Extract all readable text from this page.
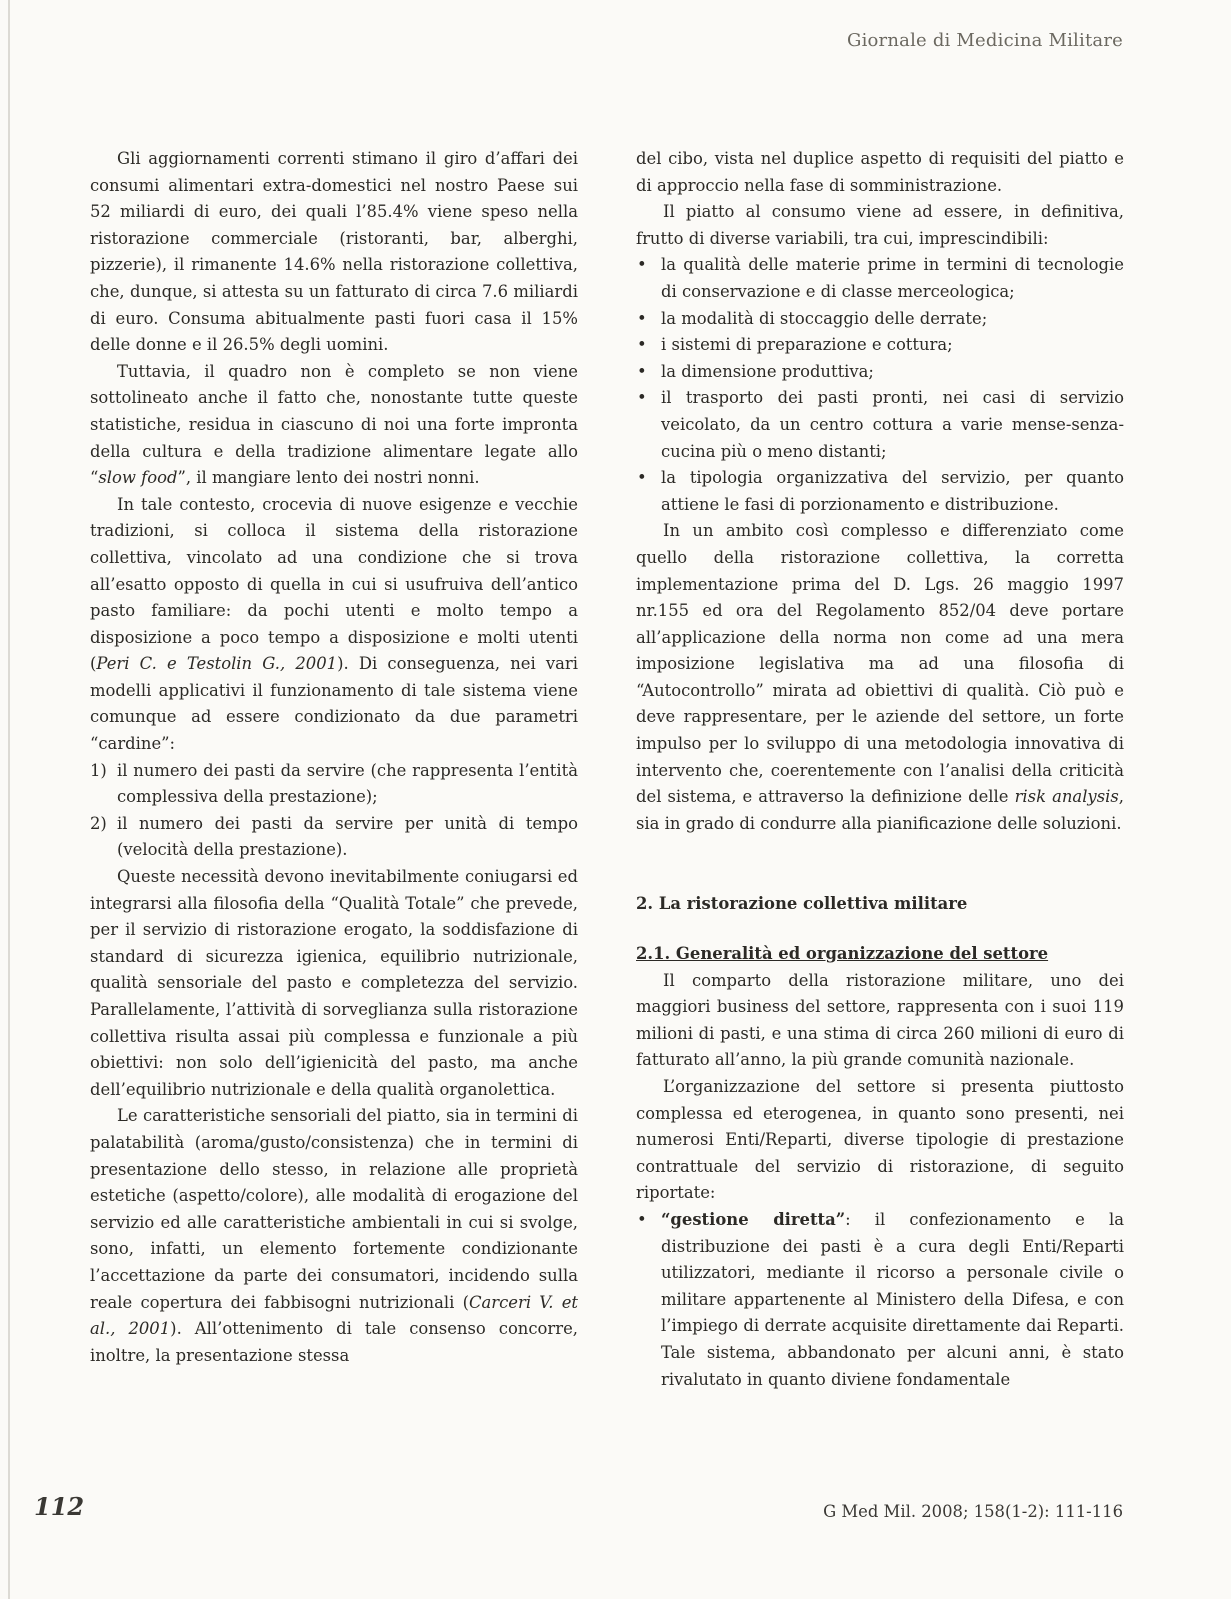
Giornale di Medicina Militare

Gli aggiornamenti correnti stimano il giro d’affari dei consumi alimentari extra-domestici nel nostro Paese sui 52 miliardi di euro, dei quali l’85.4% viene speso nella ristorazione commerciale (ristoranti, bar, alberghi, pizzerie), il rimanente 14.6% nella ristorazione collettiva, che, dunque, si attesta su un fatturato di circa 7.6 miliardi di euro. Consuma abitualmente pasti fuori casa il 15% delle donne e il 26.5% degli uomini.

Tuttavia, il quadro non è completo se non viene sottolineato anche il fatto che, nonostante tutte queste statistiche, residua in ciascuno di noi una forte impronta della cultura e della tradizione alimentare legate allo “slow food”, il mangiare lento dei nostri nonni.

In tale contesto, crocevia di nuove esigenze e vecchie tradizioni, si colloca il sistema della ristorazione collettiva, vincolato ad una condizione che si trova all’esatto opposto di quella in cui si usufruiva dell’antico pasto familiare: da pochi utenti e molto tempo a disposizione a poco tempo a disposizione e molti utenti (Peri C. e Testolin G., 2001). Di conseguenza, nei vari modelli applicativi il funzionamento di tale sistema viene comunque ad essere condizionato da due parametri “cardine”:

1) il numero dei pasti da servire (che rappresenta l’entità complessiva della prestazione);
2) il numero dei pasti da servire per unità di tempo (velocità della prestazione).

Queste necessità devono inevitabilmente coniugarsi ed integrarsi alla filosofia della “Qualità Totale” che prevede, per il servizio di ristorazione erogato, la soddisfazione di standard di sicurezza igienica, equilibrio nutrizionale, qualità sensoriale del pasto e completezza del servizio. Parallelamente, l’attività di sorveglianza sulla ristorazione collettiva risulta assai più complessa e funzionale a più obiettivi: non solo dell’igienicità del pasto, ma anche dell’equilibrio nutrizionale e della qualità organolettica.

Le caratteristiche sensoriali del piatto, sia in termini di palatabilità (aroma/gusto/consistenza) che in termini di presentazione dello stesso, in relazione alle proprietà estetiche (aspetto/colore), alle modalità di erogazione del servizio ed alle caratteristiche ambientali in cui si svolge, sono, infatti, un elemento fortemente condizionante l’accettazione da parte dei consumatori, incidendo sulla reale copertura dei fabbisogni nutrizionali (Carceri V. et al., 2001). All’ottenimento di tale consenso concorre, inoltre, la presentazione stessa

del cibo, vista nel duplice aspetto di requisiti del piatto e di approccio nella fase di somministrazione.

Il piatto al consumo viene ad essere, in definitiva, frutto di diverse variabili, tra cui, imprescindibili:

• la qualità delle materie prime in termini di tecnologie di conservazione e di classe merceologica;
• la modalità di stoccaggio delle derrate;
• i sistemi di preparazione e cottura;
• la dimensione produttiva;
• il trasporto dei pasti pronti, nei casi di servizio veicolato, da un centro cottura a varie mense-senza-cucina più o meno distanti;
• la tipologia organizzativa del servizio, per quanto attiene le fasi di porzionamento e distribuzione.

In un ambito così complesso e differenziato come quello della ristorazione collettiva, la corretta implementazione prima del D. Lgs. 26 maggio 1997 nr.155 ed ora del Regolamento 852/04 deve portare all’applicazione della norma non come ad una mera imposizione legislativa ma ad una filosofia di “Autocontrollo” mirata ad obiettivi di qualità. Ciò può e deve rappresentare, per le aziende del settore, un forte impulso per lo sviluppo di una metodologia innovativa di intervento che, coerentemente con l’analisi della criticità del sistema, e attraverso la definizione delle risk analysis, sia in grado di condurre alla pianificazione delle soluzioni.

2. La ristorazione collettiva militare
2.1. Generalità ed organizzazione del settore

Il comparto della ristorazione militare, uno dei maggiori business del settore, rappresenta con i suoi 119 milioni di pasti, e una stima di circa 260 milioni di euro di fatturato all’anno, la più grande comunità nazionale.

L’organizzazione del settore si presenta piuttosto complessa ed eterogenea, in quanto sono presenti, nei numerosi Enti/Reparti, diverse tipologie di prestazione contrattuale del servizio di ristorazione, di seguito riportate:

• “gestione diretta”: il confezionamento e la distribuzione dei pasti è a cura degli Enti/Reparti utilizzatori, mediante il ricorso a personale civile o militare appartenente al Ministero della Difesa, e con l’impiego di derrate acquisite direttamente dai Reparti. Tale sistema, abbandonato per alcuni anni, è stato rivalutato in quanto diviene fondamentale
112	G Med Mil. 2008; 158(1-2): 111-116
